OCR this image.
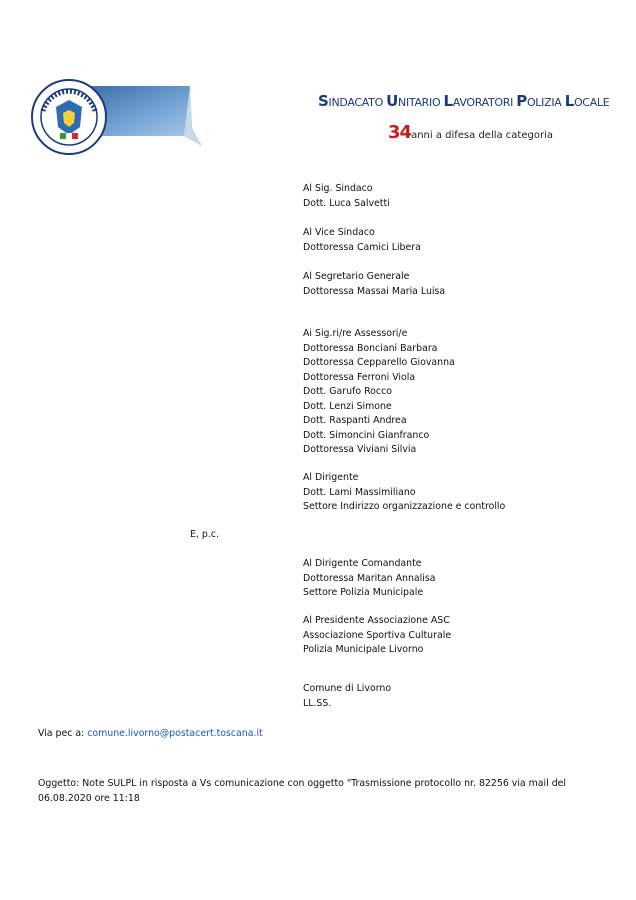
SINDACATO UNITARIO LAVORATORI POLIZIA LOCALE
34anni a difesa della categoria
Al Sig. Sindaco
Dott. Luca Salvetti
Al Vice Sindaco
Dottoressa Camici Libera
Al Segretario Generale
Dottoressa Massai Maria Luisa
Ai Sig.ri/re Assessori/e
Dottoressa Bonciani Barbara
Dottoressa Cepparello Giovanna
Dottoressa Ferroni Viola
Dott. Garufo Rocco
Dott. Lenzi Simone
Dott. Raspanti Andrea
Dott. Simoncini Gianfranco
Dottoressa Viviani Silvia
Al Dirigente
Dott. Lami Massimiliano
Settore Indirizzo organizzazione e controllo
E, p.c.
Al Dirigente Comandante
Dottoressa Maritan Annalisa
Settore Polizia Municipale
Al Presidente Associazione ASC
Associazione Sportiva Culturale
Polizia Municipale Livorno
Comune di Livorno
LL.SS.
Via pec a: comune.livorno@postacert.toscana.it
Oggetto: Note SULPL in risposta a Vs comunicazione con oggetto "Trasmissione protocollo nr. 82256 via mail del 06.08.2020 ore 11:18
